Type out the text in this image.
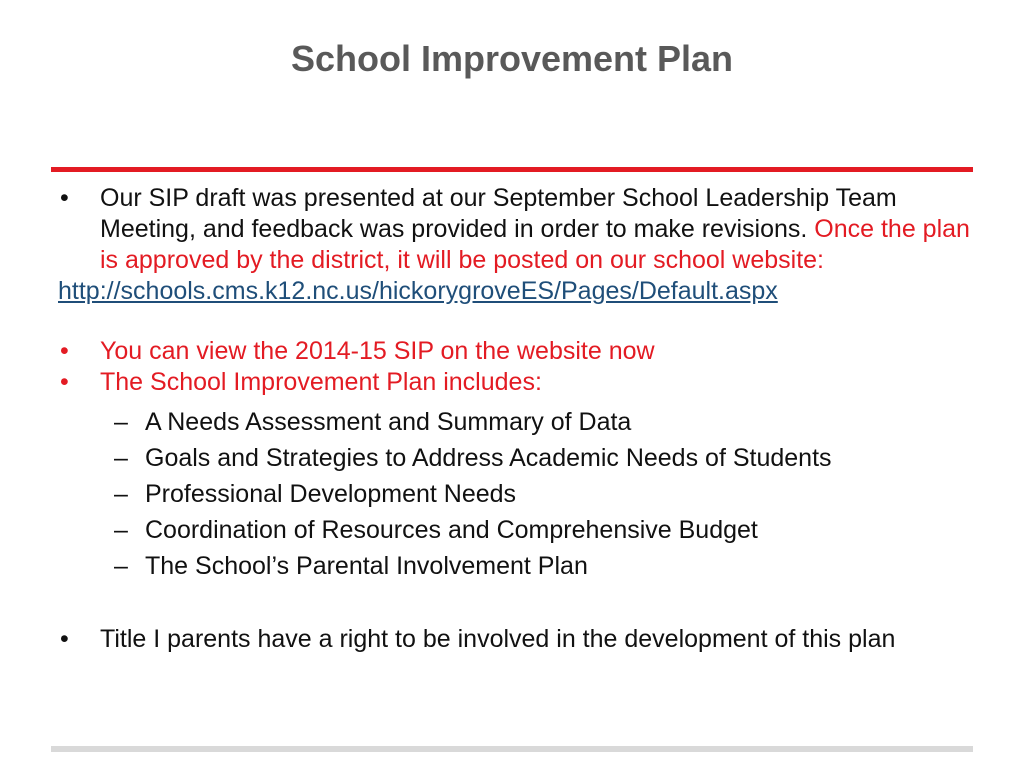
School Improvement Plan
• Our SIP draft was presented at our September School Leadership Team Meeting, and feedback was provided in order to make revisions. Once the plan is approved by the district, it will be posted on our school website:
http://schools.cms.k12.nc.us/hickorygroveES/Pages/Default.aspx
• You can view the 2014-15 SIP on the website now
• The School Improvement Plan includes:
– A Needs Assessment and Summary of Data
– Goals and Strategies to Address Academic Needs of Students
– Professional Development Needs
– Coordination of Resources and Comprehensive Budget
– The School’s Parental Involvement Plan
• Title I parents have a right to be involved in the development of this plan
